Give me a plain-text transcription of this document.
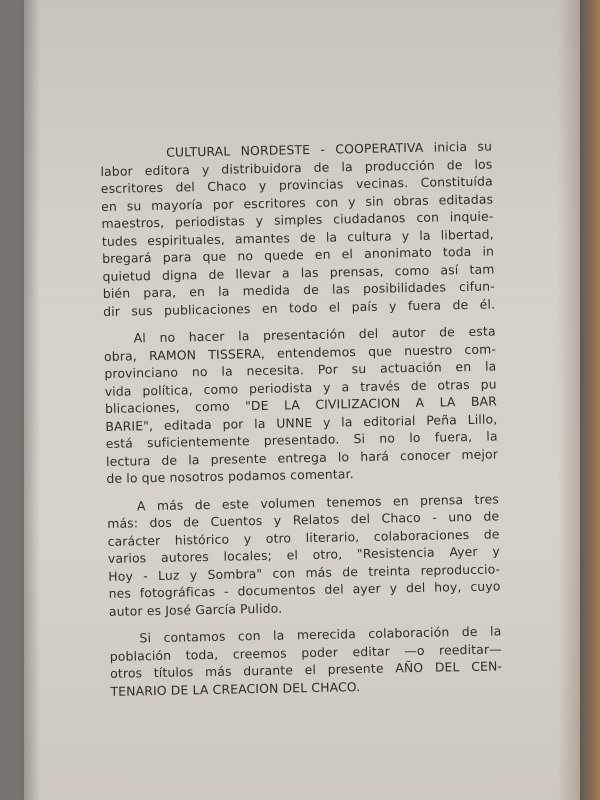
CULTURAL NORDESTE - COOPERATIVA inicia su
labor editora y distribuidora de la producción de los
escritores del Chaco y provincias vecinas. Constituída
en su mayoría por escritores con y sin obras editadas
maestros, periodistas y simples ciudadanos con inquie-
tudes espirituales, amantes de la cultura y la libertad,
bregará para que no quede en el anonimato toda in
quietud digna de llevar a las prensas, como así tam
bién para, en la medida de las posibilidades cifun-
dir sus publicaciones en todo el país y fuera de él.
Al no hacer la presentación del autor de esta
obra, RAMON TISSERA, entendemos que nuestro com-
provinciano no la necesita. Por su actuación en la
vida política, como periodista y a través de otras pu
blicaciones, como "DE LA CIVILIZACION A LA BAR
BARIE", editada por la UNNE y la editorial Peña Lillo,
está suficientemente presentado. Si no lo fuera, la
lectura de la presente entrega lo hará conocer mejor
de lo que nosotros podamos comentar.
A más de este volumen tenemos en prensa tres
más: dos de Cuentos y Relatos del Chaco - uno de
carácter histórico y otro literario, colaboraciones de
varios autores locales; el otro, "Resistencia Ayer y
Hoy - Luz y Sombra" con más de treinta reproduccio-
nes fotográficas - documentos del ayer y del hoy, cuyo
autor es José García Pulido.
Si contamos con la merecida colaboración de la
población toda, creemos poder editar —o reeditar—
otros títulos más durante el presente AÑO DEL CEN-
TENARIO DE LA CREACION DEL CHACO.
